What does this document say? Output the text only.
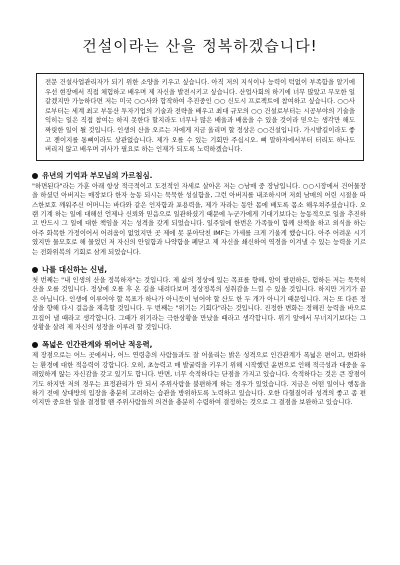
건설이라는 산을 정복하겠습니다!

전문 건설사업관리자가 되기 위한 소양을 키우고 싶습니다. 아직 저의 지식이나 능력이 턱없이 부족함을 알기에 우선 현장에서 직접 체험하고 배우며 제 자신을 발전시키고 싶습니다. 산업사회의 하기에 너무 많았고 무모한 일 같겠지만 가능하다면 저는 미국 ○○사와 합작하여 추진중인 ○○ 신도시 프로젝트에 참여하고 싶습니다. ○○사로부터는 세계 최고 부동산 투자기업의 기술과 전략을 배우고 최대 규모의 ○○ 건설로부터는 시공부야의 기술을 익히는 일은 직접 참여는 하지 못한다 할지라도 너무나 많은 배울과 배움을 수 있을 것이라 믿으는 생각만 해도 짜릿한 일이 될 것입니다. 인생의 산을 오르는 자에게 지금 올리며 할 정상은 ○○건설입니다. 가시밭길이라도 좋고 젠이지를 통뼈이라도 상관없습니다. 제가 오를 수 있는 기회만 주십시오. 뼈 말하자에서부터 터리도 하나도 버리지 않고 배우며 귀사가 필요로 하는 인재가 되도록 노력하겠습니다.

유년의 기억과 부모님의 가르침심.

"하면된다"라는 가훈 아래 항상 적극적이고 도전적인 자세로 살아온 저는 ○남매 중 장남입니다. ○○시장에서 건어물장을 하셨던 아버지는 매장보다 한자 능동 되시는 묵묵한 성실함을, 그런 아버지를 내조하시며 저희 남매의 어린 시절을 따스한보호 깨워주신 어머니는 바다와 같은 인자함과 포용력을, 제가 자라는 동안 몸에 배도록 몸소 해우쳐주셨습니다. 오랜 기계 하는 일에 대해선 언제나 신뢰와 믿음으로 일관하셨기 때문에 누군가에게 기대기보다는 능동적으로 일을 추진하고 반드시 그 일에 대한 책임을 지는 성격을 갖게 되었습니다. 일주일에 한번은 가족들이 함께 산책을 하고 외식을 하는 아주 화목한 가정이어서 어려움이 없었지만 곳 제에 못 분아닥친 IMF는 가세를 크게 기울게 했습니다. 아주 어려운 시기였지만 물모호로 해 물었던 저 자신의 안일함과 나약함을 폐닫고 제 자신을 쇄신하여 역경을 이겨낼 수 있는 능력을 기르는 전화위복의 기회로 삼게 되었습니다.

나를 대신하는 신념,

첫 번째는 "내 인생의 산을 정복하자"는 것입니다. 제 삶의 정상에 있는 목표를 향해, 암이 팔펀하든, 험하든 저는 묵묵히 산을 오를 것입니다. 정상에 오를 후 온 길을 내려다보며 정상정복의 성취감을 느낄 수 있을 것입니다. 하지만 거기가 끝은 아닙니다. 인생에 이루어야 할 목표가 하나가 아니듯이 넘어야 할 산도 한 두 개가 아니기 때문입니다. 저는 또 다른 정상을 향해 다시 걸음을 재촉할 것입니다. 두 번째는 "위기는 기회다"라는 것입니다. 진정한 변화는 정해진 능력을 바으로 끄집어 낼 때라고 생각합니다. 그때가 위기라는 극한상황을 만났을 때라고 생각합니다. 위기 앞에서 무너지기보다는 그 상황을 살려 제 자신의 성장을 이루려 할 것입니다.

폭넓은 인간관계와 뛰어난 적응력,

제 장점으로는 어느 곳에서나, 어느 연령층의 사람들과도 잘 어울리는 밝은 성격으로 인간관계가 폭넓은 편이고, 변화하는 환경에 대한 적응력이 강합니다. 오히, 초능력고 매 발굴력을 키우기 위해 시작했던 윤변으로 인해 적극성과 대중을 유래있하게 않는 자신감을 갖고 있기도 합니다. 반면, 너무 숙적하다는 단점을 가지고 있습니다. 숙적하다는 것은 큰 장점이기도 하지만 저의 경우는 표정관리가 안 되서 주위사람을 불편하게 하는 경우가 있었습니다. 지금은 어떤 일이나 행동을 하기 전에 상대방의 입장을 충분히 고려하는 습관을 방위하도록 노력하고 있습니다. 오한 다혈질이라 성격의 좋고 좀 편이지만 중요한 일을 결정할 땐 주위사람들의 의견을 충분히 수렴하여 결정하는 것으로 그 결점을 보완하고 있습니다.
